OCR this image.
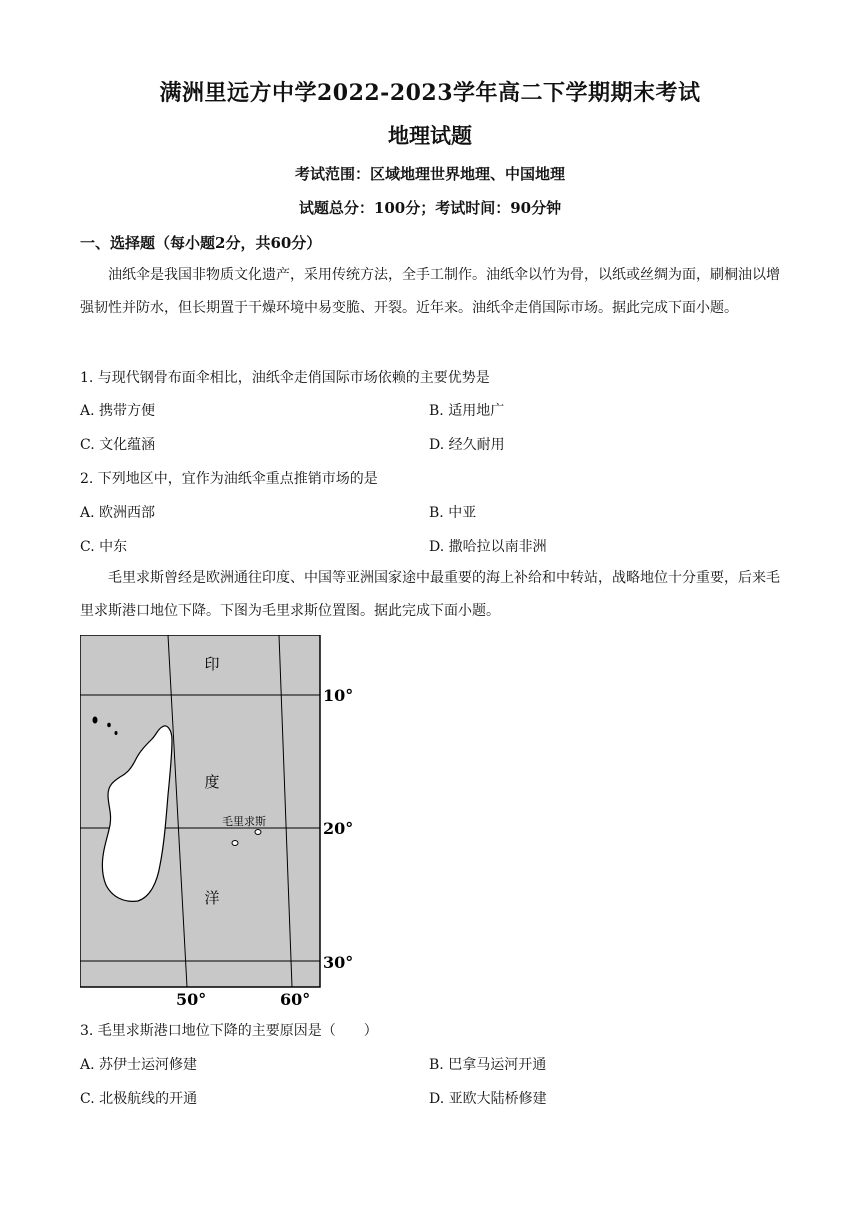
满洲里远方中学2022-2023学年高二下学期期末考试
地理试题
考试范围：区域地理世界地理、中国地理
试题总分：100分；考试时间：90分钟
一、选择题（每小题2分，共60分）
油纸伞是我国非物质文化遗产，采用传统方法，全手工制作。油纸伞以竹为骨，以纸或丝绸为面，刷桐油以增强韧性并防水，但长期置于干燥环境中易变脆、开裂。近年来。油纸伞走俏国际市场。据此完成下面小题。
1. 与现代钢骨布面伞相比，油纸伞走俏国际市场依赖的主要优势是
A. 携带方便	B. 适用地广
C. 文化蕴涵	D. 经久耐用
2. 下列地区中，宜作为油纸伞重点推销市场的是
A. 欧洲西部	B. 中亚
C. 中东	D. 撒哈拉以南非洲
毛里求斯曾经是欧洲通往印度、中国等亚洲国家途中最重要的海上补给和中转站，战略地位十分重要，后来毛里求斯港口地位下降。下图为毛里求斯位置图。据此完成下面小题。
印
度
洋
毛里求斯
10°
20°
30°
50°	60°
3. 毛里求斯港口地位下降的主要原因是（　　）
A. 苏伊士运河修建	B. 巴拿马运河开通
C. 北极航线的开通	D. 亚欧大陆桥修建
